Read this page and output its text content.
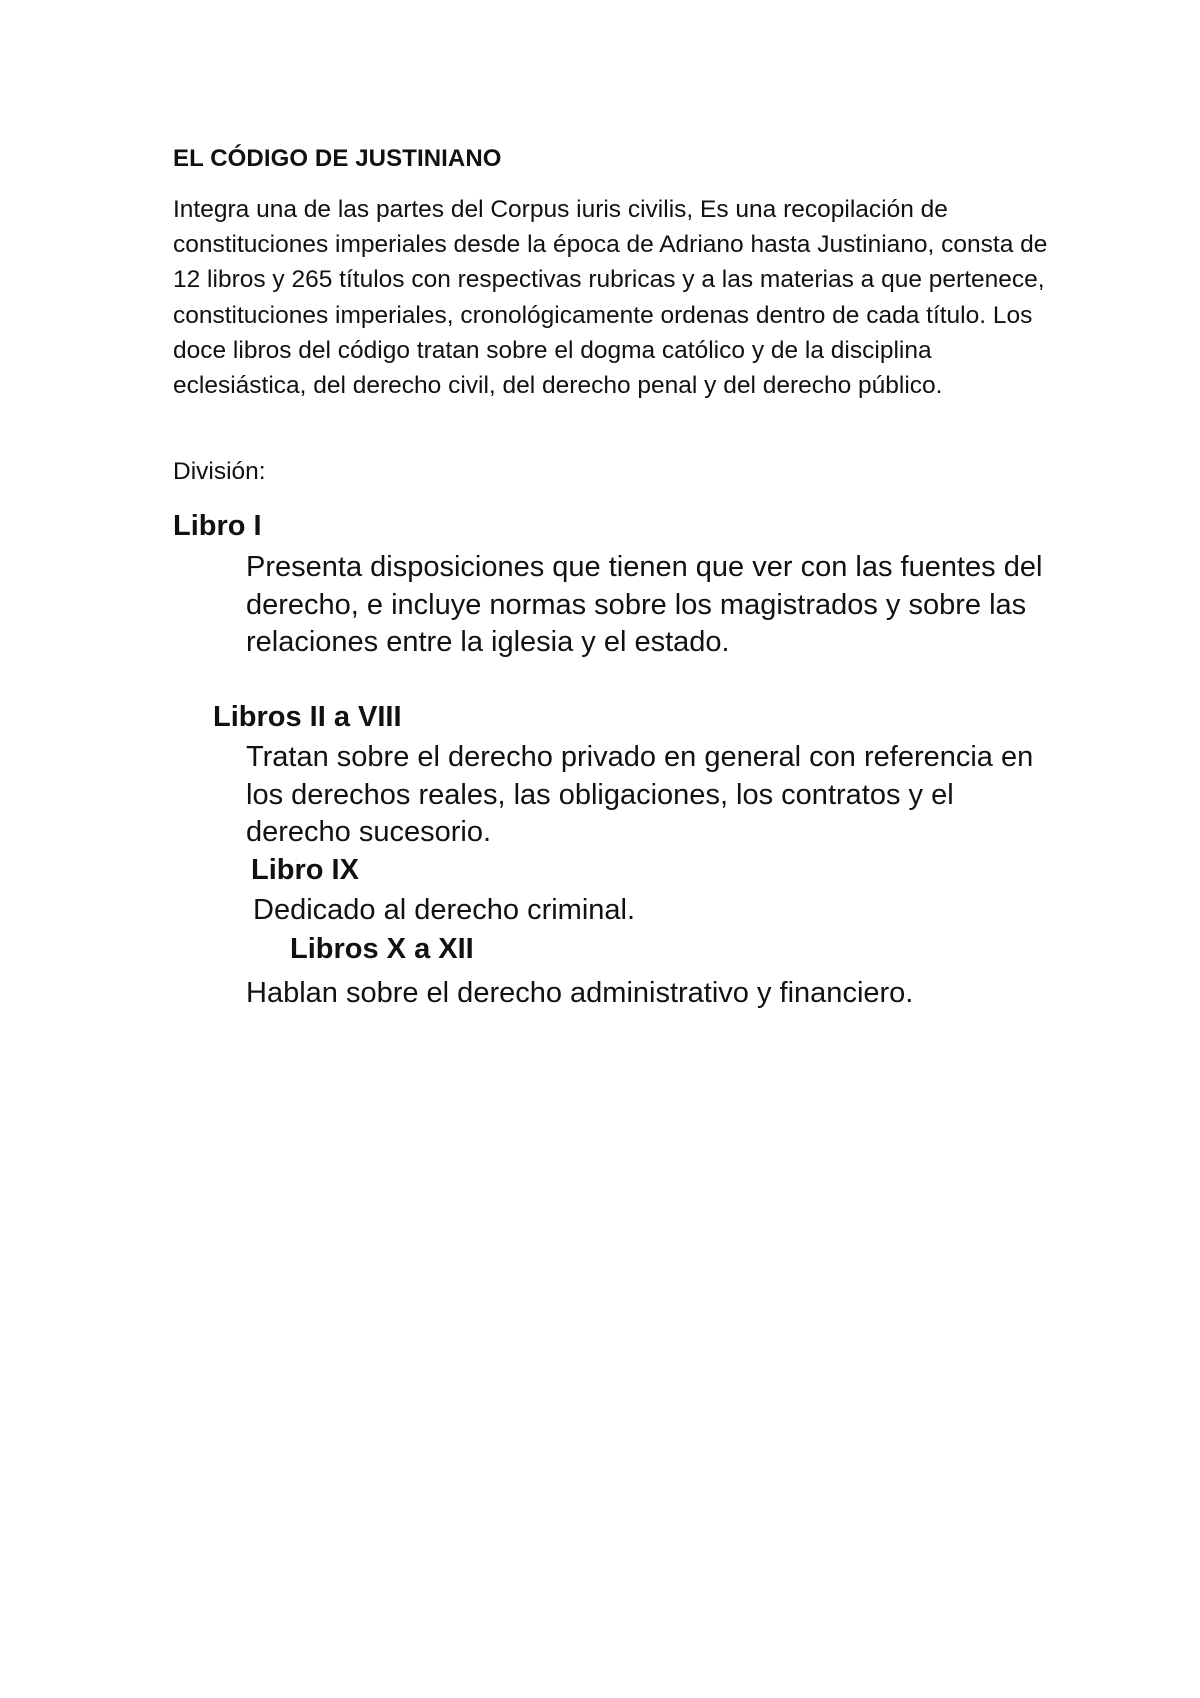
EL CÓDIGO DE JUSTINIANO

Integra una de las partes del Corpus iuris civilis, Es una recopilación de constituciones imperiales desde la época de Adriano hasta Justiniano, consta de 12 libros y 265 títulos con respectivas rubricas y a las materias a que pertenece, constituciones imperiales, cronológicamente ordenas dentro de cada título. Los doce libros del código tratan sobre el dogma católico y de la disciplina eclesiástica, del derecho civil, del derecho penal y del derecho público.

División:

Libro I

Presenta disposiciones que tienen que ver con las fuentes del derecho, e incluye normas sobre los magistrados y sobre las relaciones entre la iglesia y el estado.

Libros II a VIII

Tratan sobre el derecho privado en general con referencia en los derechos reales, las obligaciones, los contratos y el derecho sucesorio.

Libro IX

Dedicado al derecho criminal.

Libros X a XII

Hablan sobre el derecho administrativo y financiero.
